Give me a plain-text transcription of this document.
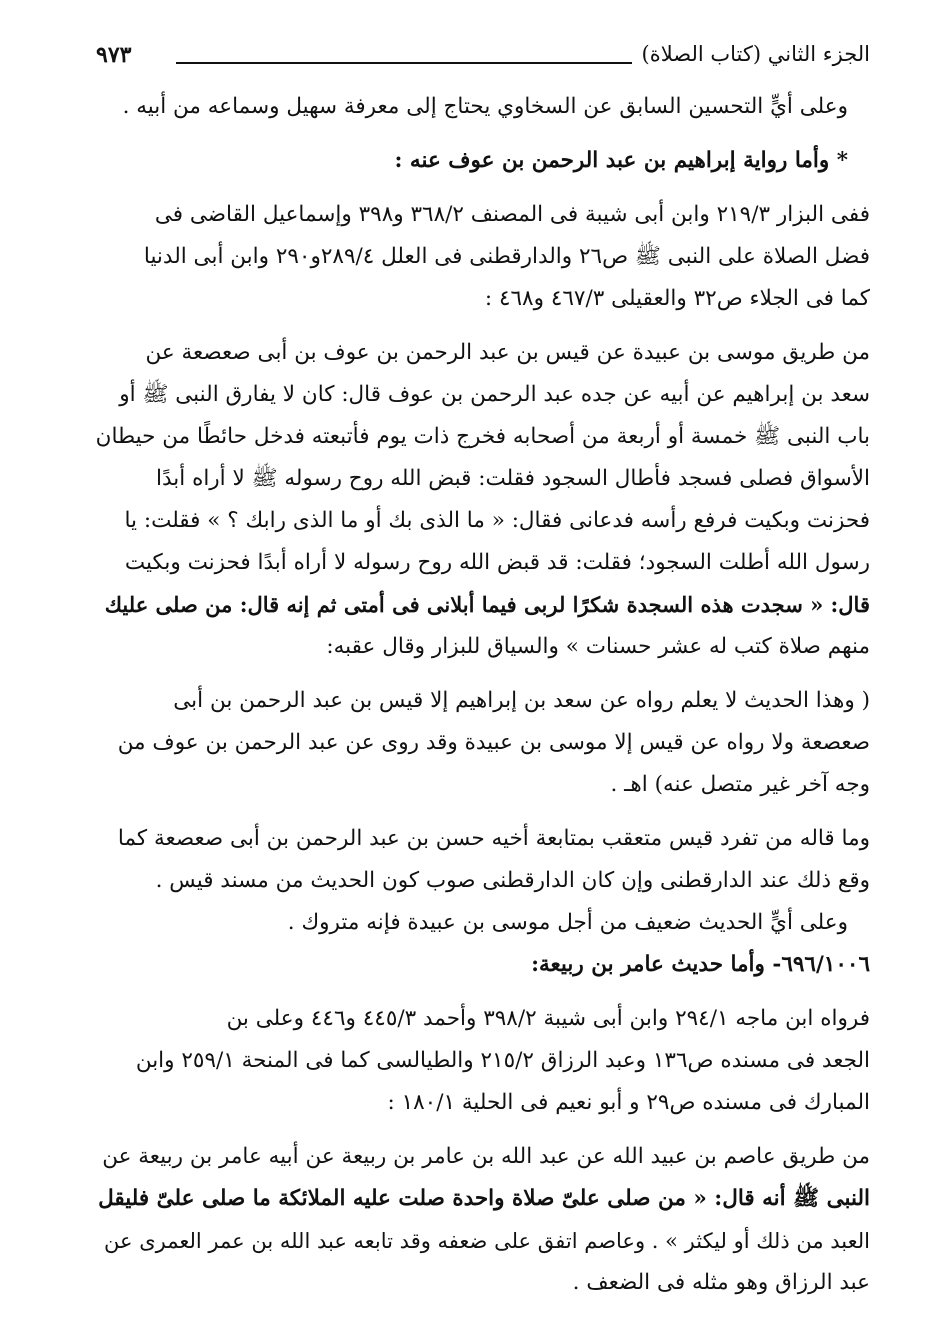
الجزء الثاني (كتاب الصلاة)
٩٧٣
وعلى أيٍّ التحسين السابق عن السخاوي يحتاج إلى معرفة سهيل وسماعه من أبيه .
* وأما رواية إبراهيم بن عبد الرحمن بن عوف عنه :
ففى البزار ٢١٩/٣ وابن أبى شيبة فى المصنف ٣٦٨/٢ و٣٩٨ وإسماعيل القاضى فى
فضل الصلاة على النبى ﷺ ص٢٦ والدارقطنى فى العلل ٢٨٩/٤و٢٩٠ وابن أبى الدنيا
كما فى الجلاء ص٣٢ والعقيلى ٤٦٧/٣ و٤٦٨ :
من طريق موسى بن عبيدة عن قيس بن عبد الرحمن بن عوف بن أبى صعصعة عن
سعد بن إبراهيم عن أبيه عن جده عبد الرحمن بن عوف قال: كان لا يفارق النبى ﷺ أو
باب النبى ﷺ خمسة أو أربعة من أصحابه فخرج ذات يوم فأتبعته فدخل حائطًا من حيطان
الأسواق فصلى فسجد فأطال السجود فقلت: قبض الله روح رسوله ﷺ لا أراه أبدًا
فحزنت وبكيت فرفع رأسه فدعانى فقال: « ما الذى بك أو ما الذى رابك ؟ » فقلت: يا
رسول الله أطلت السجود؛ فقلت: قد قبض الله روح رسوله لا أراه أبدًا فحزنت وبكيت
قال: « سجدت هذه السجدة شكرًا لربى فيما أبلانى فى أمتى ثم إنه قال: من صلى عليك
منهم صلاة كتب له عشر حسنات » والسياق للبزار وقال عقبه:
( وهذا الحديث لا يعلم رواه عن سعد بن إبراهيم إلا قيس بن عبد الرحمن بن أبى
صعصعة ولا رواه عن قيس إلا موسى بن عبيدة وقد روى عن عبد الرحمن بن عوف من
وجه آخر غير متصل عنه) اهـ .
وما قاله من تفرد قيس متعقب بمتابعة أخيه حسن بن عبد الرحمن بن أبى صعصعة كما
وقع ذلك عند الدارقطنى وإن كان الدارقطنى صوب كون الحديث من مسند قيس .
وعلى أيٍّ الحديث ضعيف من أجل موسى بن عبيدة فإنه متروك .
٦٩٦/١٠٠٦- وأما حديث عامر بن ربيعة:
فرواه ابن ماجه ٢٩٤/١ وابن أبى شيبة ٣٩٨/٢ وأحمد ٤٤٥/٣ و٤٤٦ وعلى بن
الجعد فى مسنده ص١٣٦ وعبد الرزاق ٢١٥/٢ والطيالسى كما فى المنحة ٢٥٩/١ وابن
المبارك فى مسنده ص٢٩ و أبو نعيم فى الحلية ١٨٠/١ :
من طريق عاصم بن عبيد الله عن عبد الله بن عامر بن ربيعة عن أبيه عامر بن ربيعة عن
النبى ﷺ أنه قال: « من صلى علىّ صلاة واحدة صلت عليه الملائكة ما صلى علىّ فليقل
العبد من ذلك أو ليكثر » . وعاصم اتفق على ضعفه وقد تابعه عبد الله بن عمر العمرى عن
عبد الرزاق وهو مثله فى الضعف .
